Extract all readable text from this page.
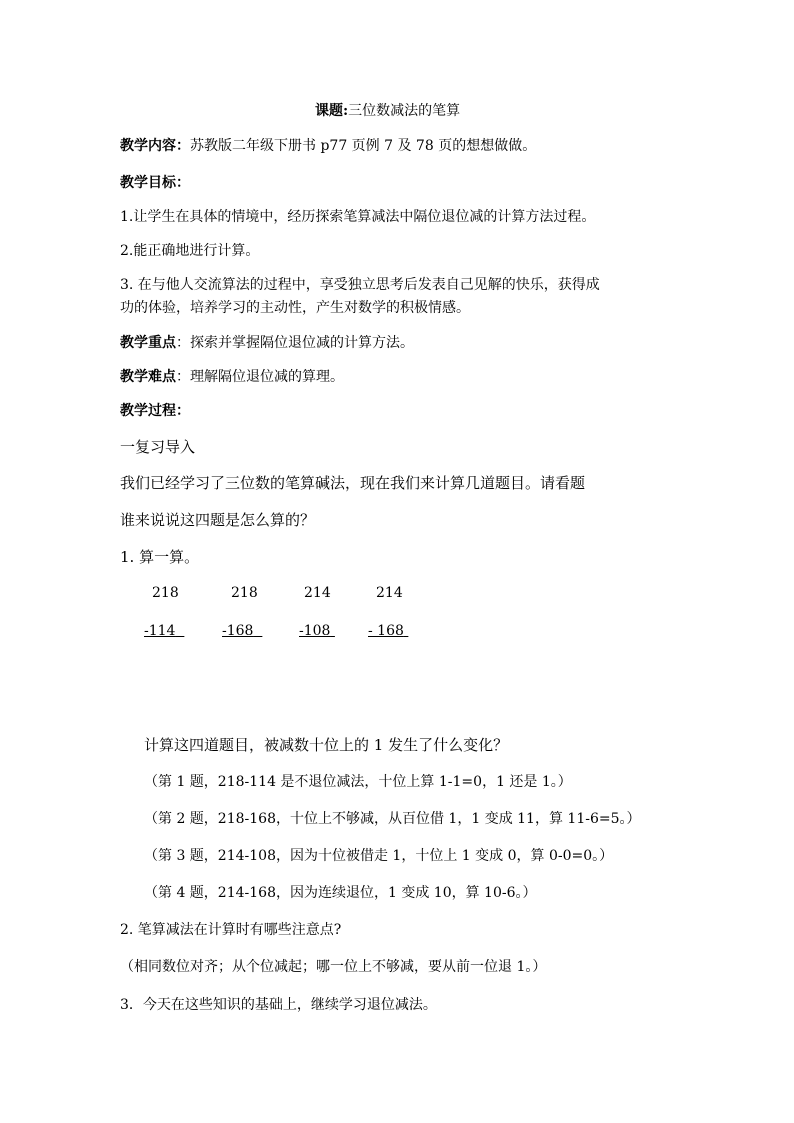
课题:三位数减法的笔算
教学内容：苏教版二年级下册书 p77 页例 7 及 78 页的想想做做。
教学目标：
1.让学生在具体的情境中，经历探索笔算减法中隔位退位减的计算方法过程。
2.能正确地进行计算。
3. 在与他人交流算法的过程中，享受独立思考后发表自己见解的快乐，获得成
功的体验，培养学习的主动性，产生对数学的积极情感。
教学重点：探索并掌握隔位退位减的计算方法。
教学难点：理解隔位退位减的算理。
教学过程：
一复习导入
我们已经学习了三位数的笔算碱法，现在我们来计算几道题目。请看题
谁来说说这四题是怎么算的？
1. 算一算。
218	218	214	214
-114	-168	-108	- 168
计算这四道题目，被减数十位上的 1 发生了什么变化？
（第 1 题，218-114 是不退位减法，十位上算 1-1=0，1 还是 1。）
（第 2 题，218-168，十位上不够减，从百位借 1，1 变成 11，算 11-6=5。）
（第 3 题，214-108，因为十位被借走 1，十位上 1 变成 0，算 0-0=0。）
（第 4 题，214-168，因为连续退位，1 变成 10，算 10-6。）
2. 笔算减法在计算时有哪些注意点?
（相同数位对齐；从个位减起；哪一位上不够减，要从前一位退 1。）
3．今天在这些知识的基础上，继续学习退位减法。
